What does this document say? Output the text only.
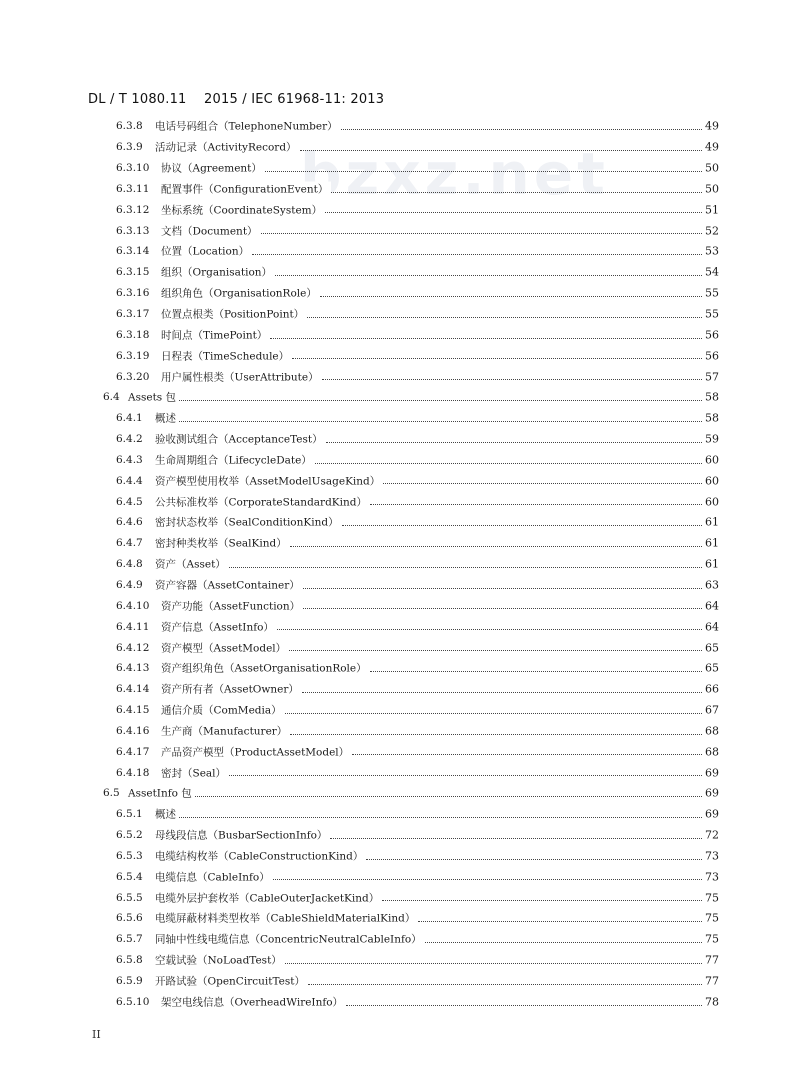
bzxz.net
DL / T 1080.11　 2015 / IEC 61968-11: 2013
6.3.8 电话号码组合（TelephoneNumber）	49
6.3.9 活动记录（ActivityRecord）	49
6.3.10 协议（Agreement）	50
6.3.11 配置事件（ConfigurationEvent）	50
6.3.12 坐标系统（CoordinateSystem）	51
6.3.13 文档（Document）	52
6.3.14 位置（Location）	53
6.3.15 组织（Organisation）	54
6.3.16 组织角色（OrganisationRole）	55
6.3.17 位置点根类（PositionPoint）	55
6.3.18 时间点（TimePoint）	56
6.3.19 日程表（TimeSchedule）	56
6.3.20 用户属性根类（UserAttribute）	57
6.4 Assets 包	58
6.4.1 概述	58
6.4.2 验收测试组合（AcceptanceTest）	59
6.4.3 生命周期组合（LifecycleDate）	60
6.4.4 资产模型使用枚举（AssetModelUsageKind）	60
6.4.5 公共标准枚举（CorporateStandardKind）	60
6.4.6 密封状态枚举（SealConditionKind）	61
6.4.7 密封种类枚举（SealKind）	61
6.4.8 资产（Asset）	61
6.4.9 资产容器（AssetContainer）	63
6.4.10 资产功能（AssetFunction）	64
6.4.11 资产信息（AssetInfo）	64
6.4.12 资产模型（AssetModel）	65
6.4.13 资产组织角色（AssetOrganisationRole）	65
6.4.14 资产所有者（AssetOwner）	66
6.4.15 通信介质（ComMedia）	67
6.4.16 生产商（Manufacturer）	68
6.4.17 产品资产模型（ProductAssetModel）	68
6.4.18 密封（Seal）	69
6.5 AssetInfo 包	69
6.5.1 概述	69
6.5.2 母线段信息（BusbarSectionInfo）	72
6.5.3 电缆结构枚举（CableConstructionKind）	73
6.5.4 电缆信息（CableInfo）	73
6.5.5 电缆外层护套枚举（CableOuterJacketKind）	75
6.5.6 电缆屏蔽材料类型枚举（CableShieldMaterialKind）	75
6.5.7 同轴中性线电缆信息（ConcentricNeutralCableInfo）	75
6.5.8 空载试验（NoLoadTest）	77
6.5.9 开路试验（OpenCircuitTest）	77
6.5.10 架空电线信息（OverheadWireInfo）	78
II
